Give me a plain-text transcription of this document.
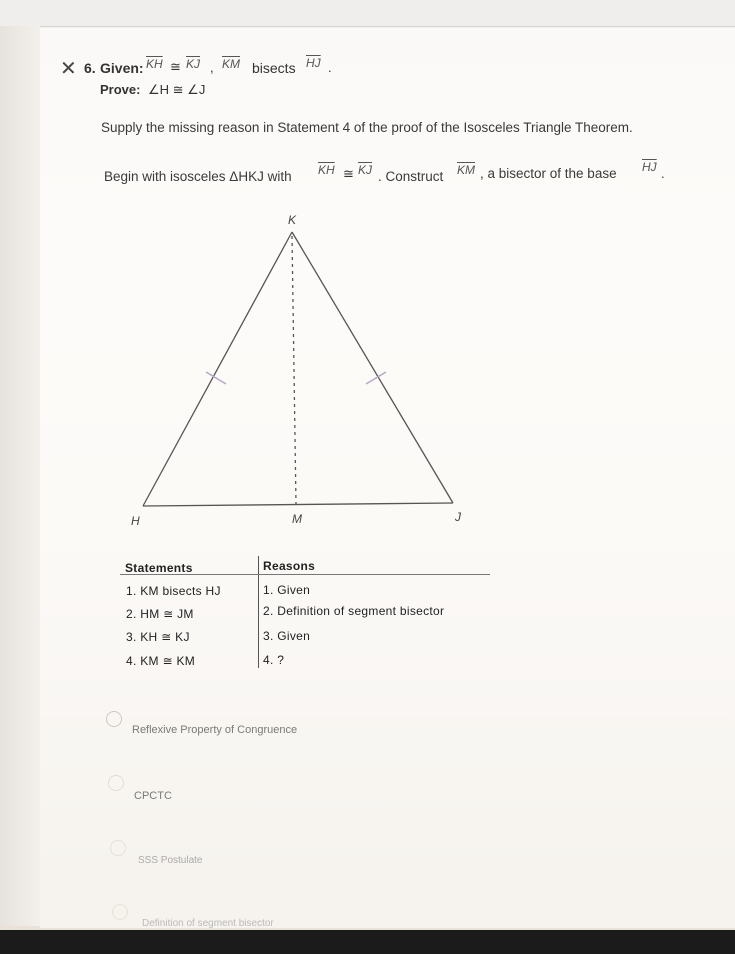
✕ 6. Given: $\overline{KH}$ ≅ $\overline{KJ}$ , $\overline{KM}$ bisects $\overline{HJ}$ .
Prove: ∠H ≅ ∠J
Supply the missing reason in Statement 4 of the proof of the Isosceles Triangle Theorem.
Begin with isosceles ΔHKJ with $\overline{KH}$ ≅ $\overline{KJ}$ . Construct $\overline{KM}$ , a bisector of the base $\overline{HJ}$ .
K
H	M	J
Statements	Reasons
1. KM bisects HJ	1. Given
2. HM ≅ JM	2. Definition of segment bisector
3. KH ≅ KJ	3. Given
4. KM ≅ KM	4. ?
Reflexive Property of Congruence
CPCTC
SSS Postulate
Definition of segment bisector
